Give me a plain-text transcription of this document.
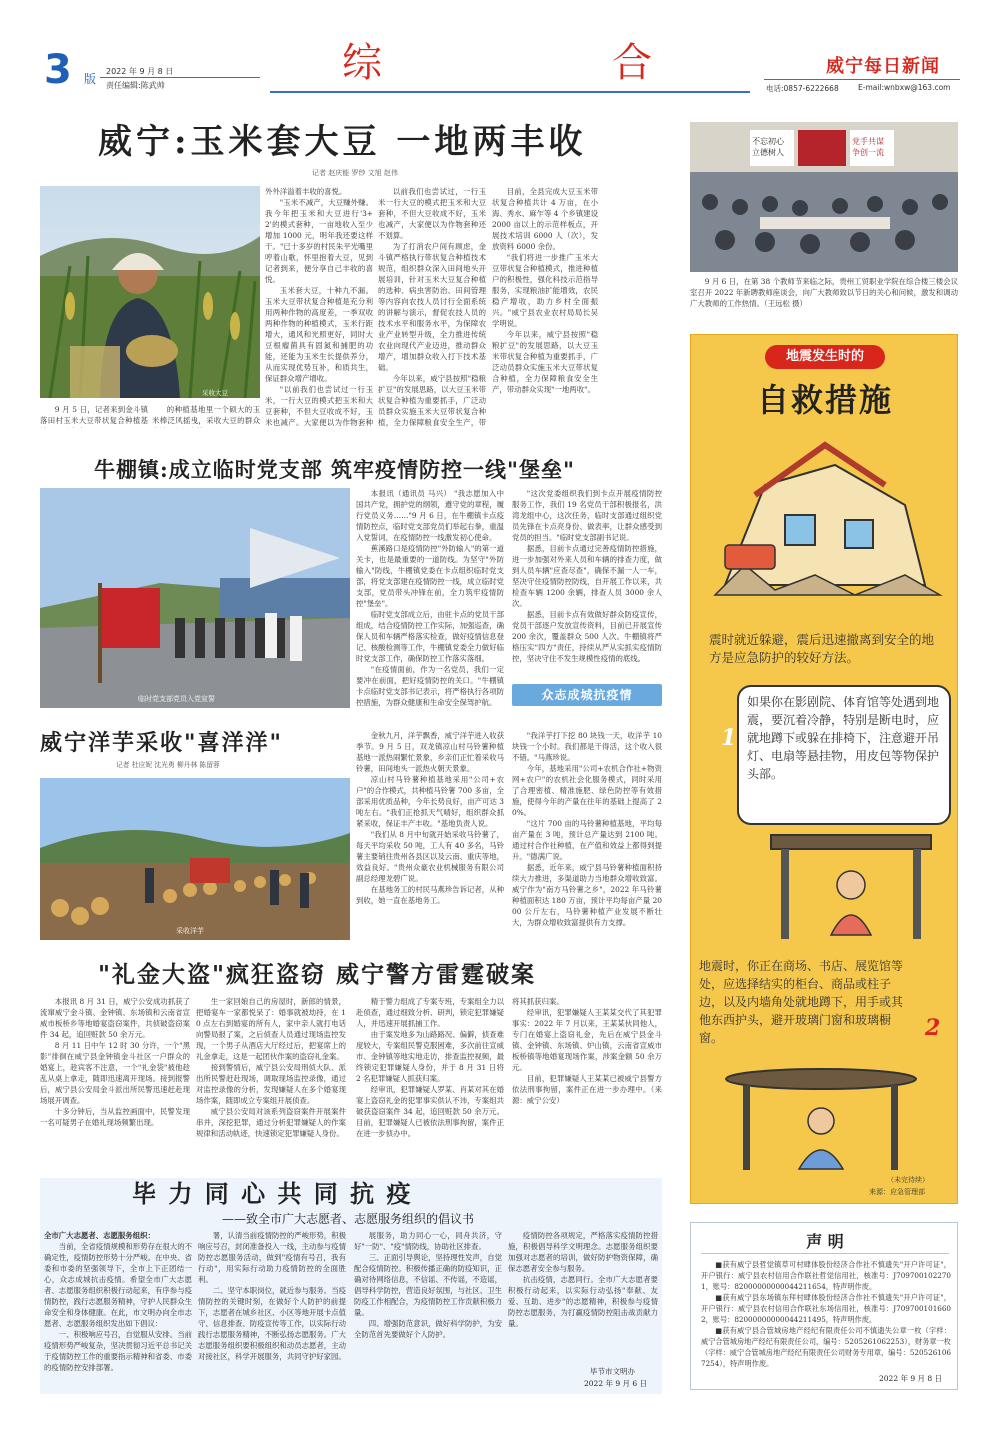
3 版
2022 年 9 月 8 日
责任编辑:陈武帅	综	合	威宁每日新闻
电话:0857-6222668	E-mail:wnbxw@163.com
威宁:玉米套大豆 一地两丰收
记者 赵庆能 罗纱 文旭 赵伟
采收大豆

9 月 5 日，记者来到金斗镇落田村玉米大豆带状复合种植基

的种植基地里一个硕大的玉米棒泛风摇曳，采收大豆的群众

外外洋溢着丰收的喜悦。

"玉米不减产，大豆赚外赚。我今年把玉米和大豆进行'3+2'的模式套种，一亩地收入至少增加 1000 元，明年我还要这样干。"已十多岁的村民朱平光嘴里哼着山歌，怀里抱着大豆，见到记者到来，便分享自己丰收的喜悦。

玉米套大豆，十种九不漏。玉米大豆带状复合种植是充分利用两种作物的高度差，一季双收两种作物的种植模式，玉米行距增大，通风和光照更好，同时大豆根瘤菌具有固氮和捕肥的功能，还能为玉米生长提供养分，从而实现优势互补，和质共生，保证群众增产增收。

"以前我们也尝试过一行玉米，一行大豆的模式把玉米和大豆套种，不但大豆收成不好，玉米也减产。大家便以为作物套种

以前我们也尝试过，一行玉米一行大豆的模式把玉米和大豆套种，不但大豆收成不好，玉米也减产，大家便以为作物套种还不划算。

为了打消农户间有顾虑，金斗镇严格执行带状复合种植技术规范，组织群众深入田间地头开展培训，针对玉米大豆复合种植的选种、病虫害防治、田间管理等内容向农技人员讨行全面系统的讲解与演示，督促农技人员的技术水平和服务水平，为保障农业产业转型升级，全力推进传统农业向现代产业迈进，推动群众增产，增加群众收入打下技术基础。

今年以来，威宁县按照"稳粮扩豆"的发展思路，以大豆玉米带状复合种植为重要抓手，广泛动员群众实施玉米大豆带状复合种植，全力保障粮食安全生产，带

目前，全县完成大豆玉米带状复合种植共计 4 万亩，在小海、秀水、麻乍等 4 个乡镇建设 2000 亩以上的示范样板点，开展技术培训 6000 人（次），发放资料 6000 余份。

"我们将进一步推广玉米大豆带状复合种植模式，推进种植户的积极性，强化科技示范指导服务，实现粮油扩能增效，农民稳产增收，助力乡村全面振兴。"威宁县农业农村局局长吴学明说。

今年以来，威宁县按照"稳粮扩豆"的发展思路，以大豆玉米带状复合种植为重要抓手，广泛动员群众实施玉米大豆带状复合种植，全力保障粮食安全生产，带动群众实现"一地两收"。

不忘初心 立德树人
党手共谋 争创一流

9 月 6 日，在第 38 个教师节来临之际，贵州工贸职业学院在综合楼三楼会议室召开 2022 年新聘教师座谈会，向广大教师致以节日的关心和问候，激发和调动广大教师的工作热情。（王远松 摄）

牛棚镇:成立临时党支部 筑牢疫情防控一线"堡垒"
临时党支部党员入党宣誓

本报讯（通讯员 马兴） "我志愿加入中国共产党，拥护党的纲领，遵守党的章程，履行党员义务……"9 月 6 日，在牛棚镇卡点疫情防控点，临时党支部党员们举起右拳，重温入党誓词，在疫情防控一线激发初心使命。

蕉溪路口是疫情防控"外防输入"的第一道关卡，也是最重要的一道防线。为坚守"外防输入"防线，牛棚镇党委在卡点组织临时党支部，将党支部建在疫情防控一线，成立临时党支部，党员带头冲锋在前，全力筑牢疫情防控"堡垒"。

临时党支部成立后，由驻卡点的党员干部组成，结合疫情防控工作实际，加强巡查，确保人员和车辆严格落实检查，做好疫情信息登记、核酸检测等工作，牛棚镇党委全力做好临时党支部工作，确保防控工作落实落细。

"在疫情面前，作为一名党员，我们一定要冲在前面，把好疫情防控的关口。"牛棚镇卡点临时党支部书记表示，将严格执行各项防控措施，为群众健康和生命安全保驾护航。

"这次党委组织我们到卡点开展疫情防控服务工作，我们 19 名党员干部积极报名，洪湾龙组中心，这次任务，临时支部通过组织党员先锋在卡点亮身份、做表率，让群众感受到党员的担当。"临时党支部副书记说。

据悉，目前卡点通过完善疫情防控措施，进一步加强对外来人员和车辆的排查力度，做到人员车辆"应查尽查"，确保不漏一人一车，坚决守住疫情防控防线，自开展工作以来，共检查车辆 1200 余辆，排查人员 3000 余人次。

据悉，目前卡点有效做好群众防疫宣传，党员干部逐户发放宣传资料，目前已开展宣传 200 余次，覆盖群众 500 人次。牛棚镇将严格压实"四方"责任，持续从严从实抓实疫情防控，坚决守住不发生规模性疫情的底线。

众志成城抗疫情
威宁洋芋采收"喜洋洋"
记者 杜应妮 沈光勇 柳丹林 陈留蓉
采收洋芋

金秋九月，洋芋飘香，威宁洋芋进入收获季节。9 月 5 日，双龙镇凉山村马铃薯种植基地一派热闹繁忙景象，乡亲们正忙着采收马铃薯，田间地头一派热火朝天景象。

凉山村马铃薯种植基地采用"公司+农户"的合作模式，共种植马铃薯 700 多亩，全部采用优质品种，今年长势良好，亩产可达 3 吨左右。"我们正抢抓天气晴好，组织群众抓紧采收，保证丰产丰收。"基地负责人说。

"我们从 8 月中旬就开始采收马铃薯了，每天平均采收 50 吨，工人有 40 多名，马铃薯主要销往贵州各县区以及云南、重庆等地，效益良好。"贵州众豪农业机械服务有限公司副总经理龙碧广说。

在基地务工的村民马燕珍告诉记者，从种到收，她一直在基地务工。

"我洋芋打下挖 80 块钱一天，收洋芋 10 块钱一个小时。我们都是干得活，这个收入很不错。"马燕珍说。

今年，基地采用"公司+农机合作社+物资网+农户"的农机社会化服务模式，同时采用了合理密植、精准施肥、绿色防控等有效措施，使得今年的产量在往年的基础上提高了 20%。

"这片 700 亩的马铃薯种植基地，平均每亩产量在 3 吨，预计总产量达到 2100 吨。通过村合作社种植，在产值和效益上都得到提升。"德满广说。

据悉，近年来，威宁县马铃薯种植面积持续大力推进，多渠道助力当地群众增收致富。威宁作为"南方马铃薯之乡"，2022 年马铃薯种植面积达 180 万亩，预计平均每亩产量 2000 公斤左右，马铃薯种植产业发展不断壮大，为群众增收致富提供有力支撑。

"礼金大盗"疯狂盗窃 威宁警方雷霆破案

本报讯 8 月 31 日，威宁公安成功抓获了流窜威宁金斗镇、金钟镇、东场镇和云南省宣威市板桥乡等地婚宴盗窃案件，共侦破盗窃案件 34 起，追回赃款 50 余万元。

8 月 11 日中午 12 时 30 分许，一个"黑影"徘徊在威宁县金钟镇金斗社区一户群众的婚宴上，趁宾客不注意，一个"礼金袋"被他趁乱从桌上拿走，随即迅速离开现场。接到报警后，威宁县公安局金斗派出所民警迅速赶赴现场展开调查。

十多分钟后，当从监控画面中，民警发现一名可疑男子在婚礼现场频繁出现。

生一家回娘自己的房屋时，新郎的情景，把婚宴车一家都悦呆了：婚事就被劫持，在 10 点左右到婚宴的所有人，家中亲人就打电话向警局报了案，之后侦查人员通过现场监控发现，一个男子从酒店大厅经过后，把宴席上的礼金拿走，这是一起团伙作案的盗窃礼金案。

接到警情后，威宁县公安局刑侦大队、派出所民警赶赴现场，调取现场监控录像，通过对监控录像的分析，发现嫌疑人在多个婚宴现场作案，随即成立专案组开展侦查。

威宁县公安局对该系列盗窃案件开展案件串并，深挖犯罪，通过分析犯罪嫌疑人的作案规律和活动轨迹，快速锁定犯罪嫌疑人身份。

精于警力组成了专案专班，专案组全力以赴侦查，通过细致分析、研判，锁定犯罪嫌疑人，并迅速开展抓捕工作。

由于案发地多为山路路况、偏僻，侦查难度较大，专案组民警克服困难，多次前往宣威市、金钟镇等地实地走访，排查监控视频，最终锁定犯罪嫌疑人身份，并于 8 月 31 日将 2 名犯罪嫌疑人抓获归案。

经审讯，犯罪嫌疑人罗某、肖某对其在婚宴上盗窃礼金的犯罪事实供认不讳，专案组共破获盗窃案件 34 起，追回赃款 50 余万元。目前，犯罪嫌疑人已被依法刑事拘留，案件正在进一步侦办中。

将其抓获归案。

经审讯，犯罪嫌疑人王某某交代了其犯罪事实：2022 年 7 月以来，王某某伙同他人，专门在婚宴上盗窃礼金，先后在威宁县金斗镇、金钟镇、东场镇、炉山镇，云南省宣威市板桥镇等地婚宴现场作案，涉案金额 50 余万元。

目前，犯罪嫌疑人王某某已被威宁县警方依法刑事拘留，案件正在进一步办理中。（来源：威宁公安）

地震发生时的
自救措施
震时就近躲避，震后迅速撤离到安全的地方是应急防护的较好方法。
如果你在影剧院、体育馆等处遇到地震，要沉着冷静，特别是断电时，应就地蹲下或躲在排椅下，注意避开吊灯、电扇等悬挂物，用皮包等物保护头部。
1
地震时，你正在商场、书店、展览馆等处，应选择结实的柜台、商品或柱子边，以及内墙角处就地蹲下，用手或其他东西护头，避开玻璃门窗和玻璃橱窗。	2
（未完待续）
来源：应急管理部
毕 力 同 心 共 同 抗 疫
——致全市广大志愿者、志愿服务组织的倡议书

全市广大志愿者、志愿服务组织：

当前，全省疫情规模和形势存在很大的不确定性，疫情防控形势十分严峻。在中央、省委和市委的坚强领导下，全市上下正团结一心，众志成城抗击疫情。希望全市广大志愿者、志愿服务组织积极行动起来，有序参与疫情防控，践行志愿服务精神，守护人民群众生命安全和身体健康。在此，市文明办向全市志愿者、志愿服务组织发出如下倡议：

一、积极响应号召，自觉服从安排。当前疫情形势严峻复杂，坚决贯彻习近平总书记关于疫情防控工作的重要指示精神和省委、市委的疫情防控安排部署。

署，认清当前疫情防控的严峻形势，积极响应号召，封闭准备投入一线，主动参与疫情防控志愿服务活动，做到"疫情有号召，我有行动"，用实际行动助力疫情防控的全面胜利。

二、坚守本职岗位，就近参与服务。当疫情防控的关键时刻，在做好个人防护的前提下，志愿者在城乡社区、小区等地开展卡点值守、信息排查、防疫宣传等工作，以实际行动践行志愿服务精神，不断弘扬志愿服务。广大志愿服务组织要积极组织和动员志愿者，主动对接社区，科学开展服务，共同守护好家园。

展服务，助力同心一心，同舟共济，守好"一防"、"疫"情防线，协助社区排查。

三、正面引导舆论，坚持理性发声，自觉配合疫情防控。积极传播正确的防疫知识，正确对待网络信息，不信谣、不传谣，不造谣，倡导科学防控，营造良好氛围，与社区、卫生防疫工作相配合，为疫情防控工作贡献积极力量。

四、增强防范意识，做好科学防护，为安全防范首先要做好个人防护。

疫情防控各项规定，严格落实疫情防控措施，积极倡导科学文明理念。志愿服务组织要加强对志愿者的培训，做好防护物资保障，确保志愿者安全参与服务。

抗击疫情，志愿同行。全市广大志愿者要积极行动起来，以实际行动弘扬"奉献、友爱、互助、进步"的志愿精神，积极参与疫情防控志愿服务，为打赢疫情防控阻击战贡献力量。

毕节市文明办
2022 年 9 月 6 日
声 明

■获有威宁县哲觉镇草可村肆体股份经济合作社不慎遗失"开户许可证"，开户银行：威宁县农村信用合作联社哲觉信用社，核准号：J7097001022701，账号：82000000000044211654，特声明作废。

■获有威宁县东场镇东拜村肆体股份经济合作社不慎遗失"开户许可证"，开户银行：威宁县农村信用合作联社东场信用社，核准号：J7097001016602，账号：82000000000044211495，特声明作废。

■获有威宁县合管城房地产经纪有限责任公司不慎遗失公章一枚（字样：威宁合管城房地产经纪有限责任公司，编号：5205261062253），财务章一枚（字样：威宁合管城房地产经纪有限责任公司财务专用章，编号：5205261067254），特声明作废。

2022 年 9 月 8 日
